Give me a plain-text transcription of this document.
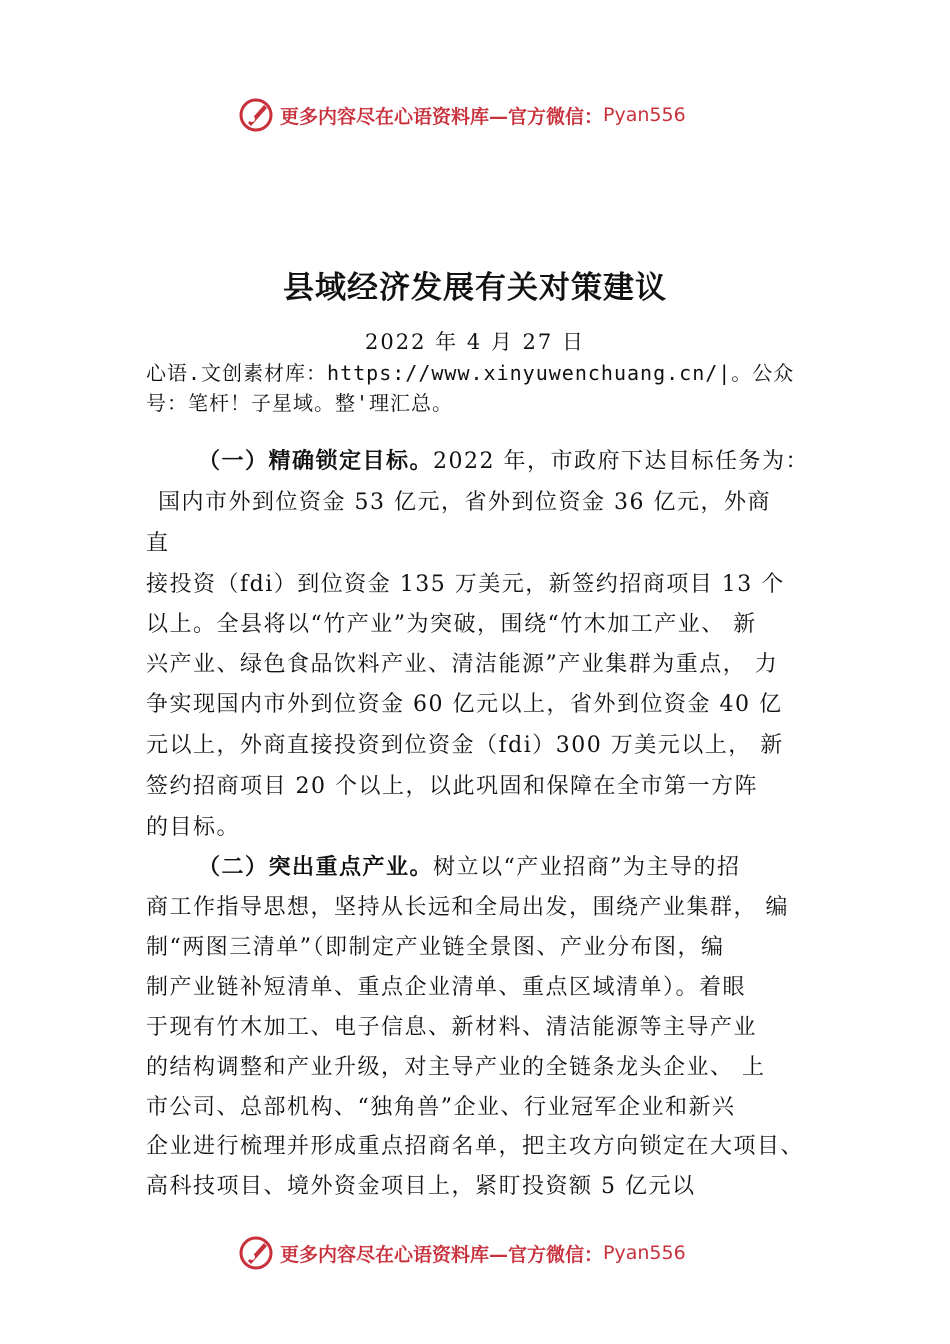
更多内容尽在心语资料库—官方微信： Pyan556
县域经济发展有关对策建议
2022 年 4 月 27 日
心语.文创素材库：https://www.xinyuwenchuang.cn/|。公众
号：笔杆！子星域。整'理汇总。
（一）精确锁定目标。2022 年，市政府下达目标任务为：
国内市外到位资金 53 亿元，省外到位资金 36 亿元，外商
直
接投资（fdi）到位资金 135 万美元，新签约招商项目 13 个
以上。全县将以“竹产业”为突破，围绕“竹木加工产业、 新
兴产业、绿色食品饮料产业、清洁能源”产业集群为重点， 力
争实现国内市外到位资金 60 亿元以上，省外到位资金 40 亿
元以上，外商直接投资到位资金（fdi）300 万美元以上， 新
签约招商项目 20 个以上，以此巩固和保障在全市第一方阵
的目标。
（二）突出重点产业。树立以“产业招商”为主导的招
商工作指导思想，坚持从长远和全局出发，围绕产业集群， 编
制“两图三清单”（即制定产业链全景图、产业分布图，编
制产业链补短清单、重点企业清单、重点区域清单）。着眼
于现有竹木加工、电子信息、新材料、清洁能源等主导产业
的结构调整和产业升级，对主导产业的全链条龙头企业、 上
市公司、总部机构、“独角兽”企业、行业冠军企业和新兴
企业进行梳理并形成重点招商名单，把主攻方向锁定在大项目、
高科技项目、境外资金项目上，紧盯投资额 5 亿元以
更多内容尽在心语资料库—官方微信： Pyan556
